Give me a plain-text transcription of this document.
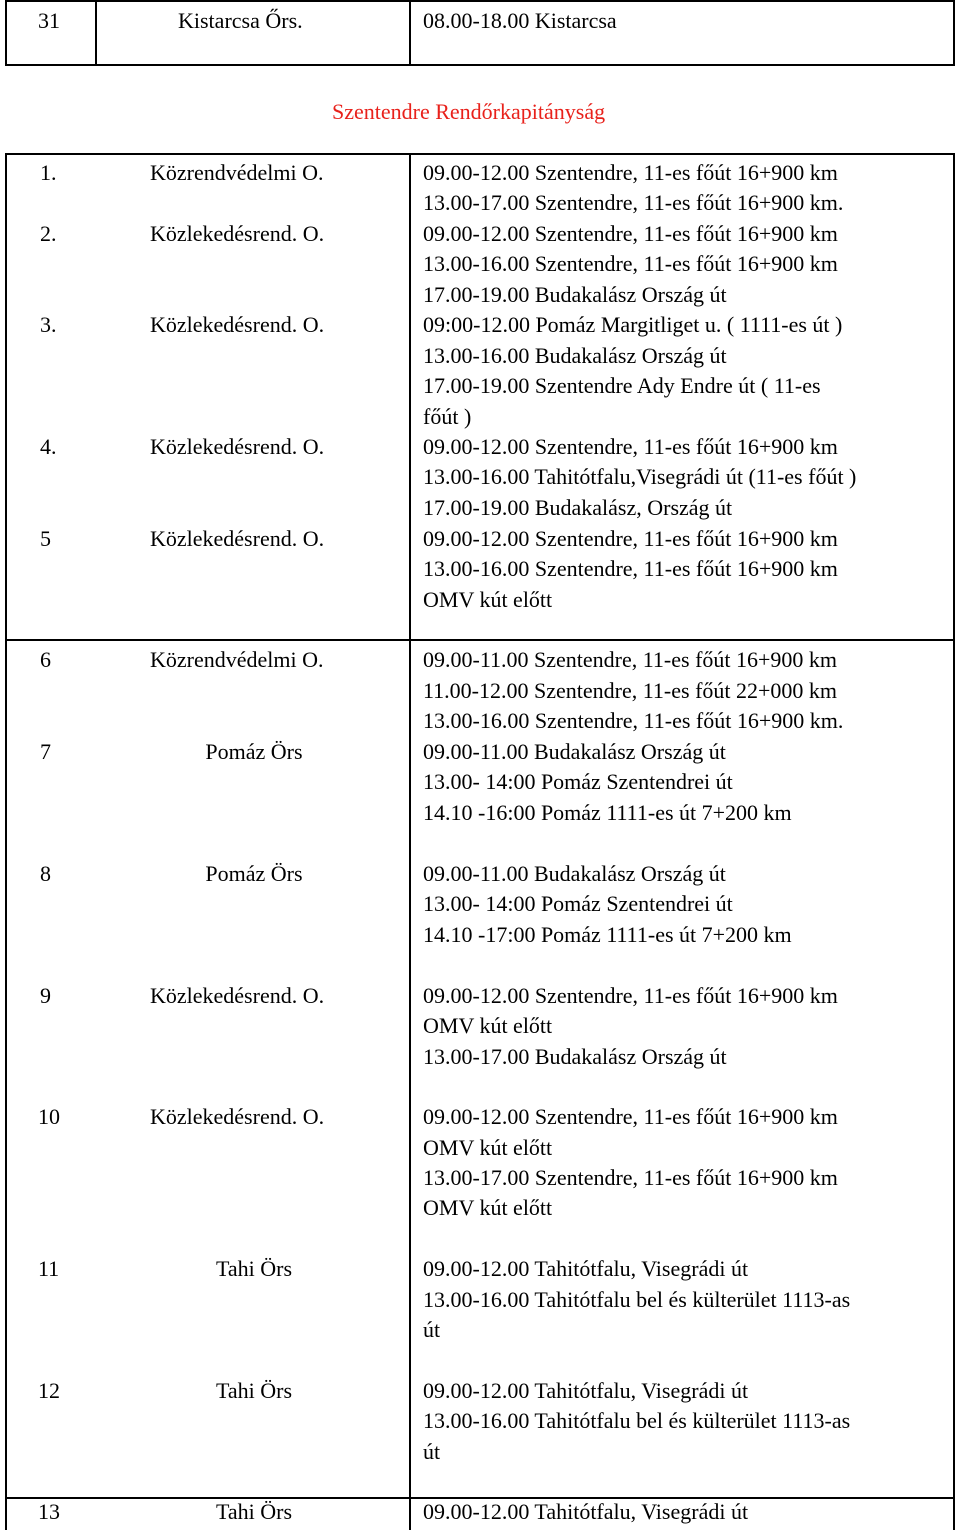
31	Kistarcsa Őrs.	08.00-18.00 Kistarcsa
Szentendre Rendőrkapitányság
1.	Közrendvédelmi O.	09.00-12.00 Szentendre, 11-es főút 16+900 km
13.00-17.00 Szentendre, 11-es főút 16+900 km.
2.	Közlekedésrend. O.	09.00-12.00 Szentendre, 11-es főút 16+900 km
13.00-16.00 Szentendre, 11-es főút 16+900 km
17.00-19.00 Budakalász Ország út
3.	Közlekedésrend. O.	09:00-12.00 Pomáz Margitliget u. ( 1111-es út )
13.00-16.00 Budakalász Ország út
17.00-19.00 Szentendre Ady Endre út ( 11-es
főút )
4.	Közlekedésrend. O.	09.00-12.00 Szentendre, 11-es főút 16+900 km
13.00-16.00 Tahitótfalu,Visegrádi út (11-es főút )
17.00-19.00 Budakalász, Ország út
5	Közlekedésrend. O.	09.00-12.00 Szentendre, 11-es főút 16+900 km
13.00-16.00 Szentendre, 11-es főút 16+900 km
OMV kút előtt
6	Közrendvédelmi O.	09.00-11.00 Szentendre, 11-es főút 16+900 km
11.00-12.00 Szentendre, 11-es főút 22+000 km
13.00-16.00 Szentendre, 11-es főút 16+900 km.
7	Pomáz Örs	09.00-11.00 Budakalász Ország út
13.00- 14:00 Pomáz Szentendrei út
14.10 -16:00 Pomáz 1111-es út 7+200 km
8	Pomáz Örs	09.00-11.00 Budakalász Ország út
13.00- 14:00 Pomáz Szentendrei út
14.10 -17:00 Pomáz 1111-es út 7+200 km
9	Közlekedésrend. O.	09.00-12.00 Szentendre, 11-es főút 16+900 km
OMV kút előtt
13.00-17.00 Budakalász Ország út
10	Közlekedésrend. O.	09.00-12.00 Szentendre, 11-es főút 16+900 km
OMV kút előtt
13.00-17.00 Szentendre, 11-es főút 16+900 km
OMV kút előtt
11	Tahi Örs	09.00-12.00 Tahitótfalu, Visegrádi út
13.00-16.00 Tahitótfalu bel és külterület 1113-as
út
12	Tahi Örs	09.00-12.00 Tahitótfalu, Visegrádi út
13.00-16.00 Tahitótfalu bel és külterület 1113-as
út
13	Tahi Örs	09.00-12.00 Tahitótfalu, Visegrádi út
